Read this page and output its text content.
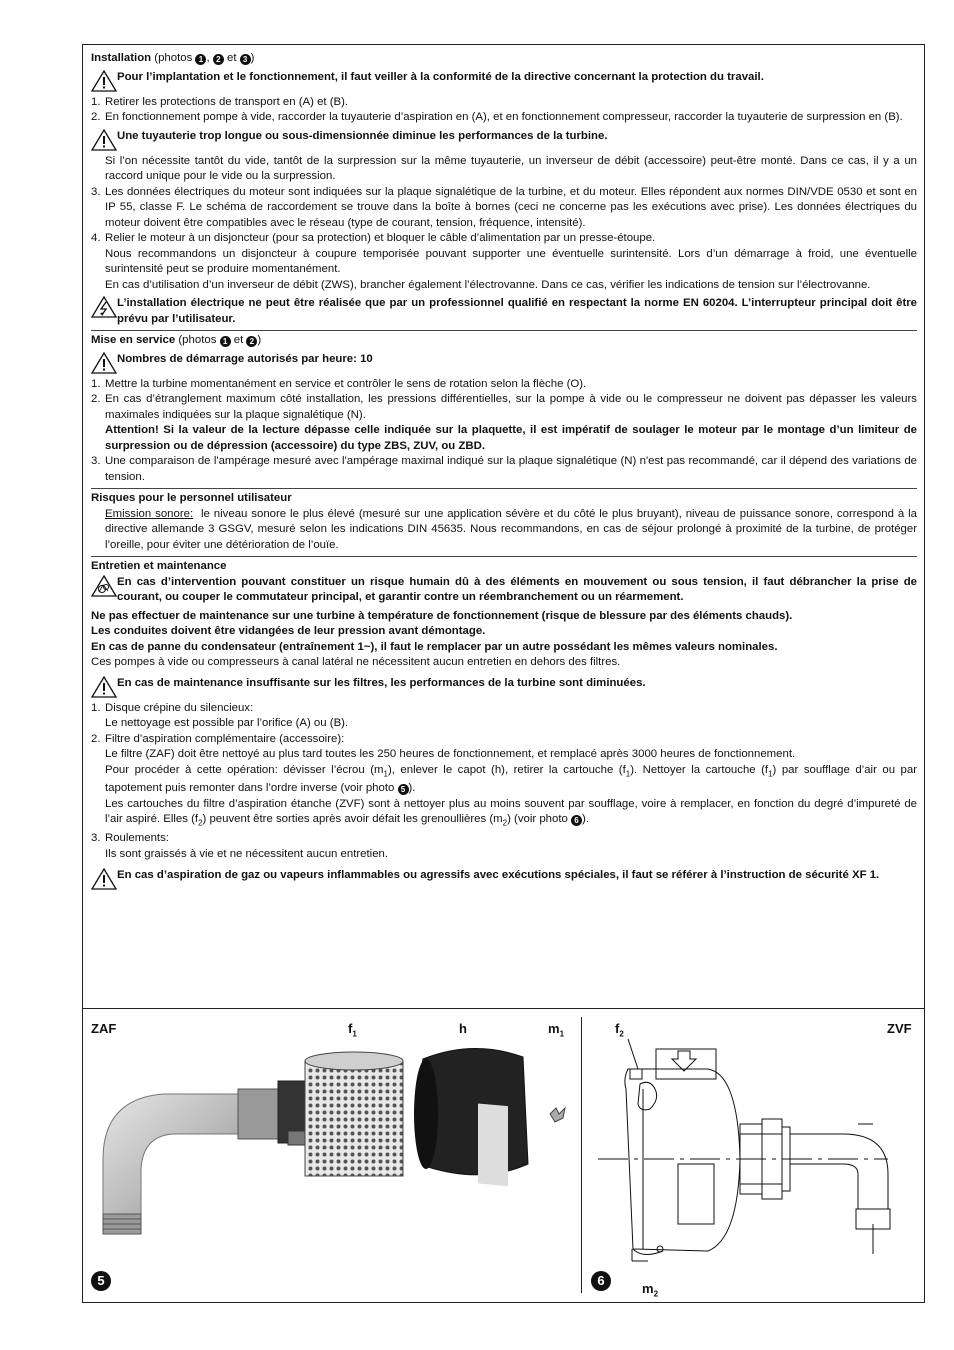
Installation (photos 1 , 2 et 3 )
Pour l’implantation et le fonctionnement, il faut veiller à la conformité de la directive concernant la protection du travail.
1. Retirer les protections de transport en (A) et (B).
2. En fonctionnement pompe à vide, raccorder la tuyauterie d’aspiration en (A), et en fonctionnement compresseur, raccorder la tuyauterie de surpression en (B).
Une tuyauterie trop longue ou sous-dimensionnée diminue les performances de la turbine.

Si l’on nécessite tantôt du vide, tantôt de la surpression sur la même tuyauterie, un inverseur de débit (accessoire) peut-être monté. Dans ce cas, il y a un raccord unique pour le vide ou la surpression.

3. Les données électriques du moteur sont indiquées sur la plaque signalétique de la turbine, et du moteur. Elles répondent aux normes DIN/VDE 0530 et sont en IP 55, classe F. Le schéma de raccordement se trouve dans la boîte à bornes (ceci ne concerne pas les exécutions avec prise). Les données électriques du moteur doivent être compatibles avec le réseau (type de courant, tension, fréquence, intensité).
4. Relier le moteur à un disjoncteur (pour sa protection) et bloquer le câble d’alimentation par un presse-étoupe.
Nous recommandons un disjoncteur à coupure temporisée pouvant supporter une éventuelle surintensité. Lors d’un démarrage à froid, une éventuelle surintensité peut se produire momentanément.
En cas d’utilisation d’un inverseur de débit (ZWS), brancher également l’électrovanne. Dans ce cas, vérifier les indications de tension sur l’électrovanne.
L’installation électrique ne peut être réalisée que par un professionnel qualifié en respectant la norme EN 60204. L’interrupteur principal doit être prévu par l’utilisateur.
Mise en service (photos 1 et 2 )
Nombres de démarrage autorisés par heure: 10
1. Mettre la turbine momentanément en service et contrôler le sens de rotation selon la flèche (O).
2. En cas d’étranglement maximum côté installation, les pressions différentielles, sur la pompe à vide ou le compresseur ne doivent pas dépasser les valeurs maximales indiquées sur la plaque signalétique (N).
Attention! Si la valeur de la lecture dépasse celle indiquée sur la plaquette, il est impératif de soulager le moteur par le montage d’un limiteur de surpression ou de dépression (accessoire) du type ZBS, ZUV, ou ZBD.
3. Une comparaison de l'ampérage mesuré avec l'ampérage maximal indiqué sur la plaque signalétique (N) n'est pas recommandé, car il dépend des variations de tension.
Risques pour le personnel utilisateur

Emission sonore: le niveau sonore le plus élevé (mesuré sur une application sévère et du côté le plus bruyant), niveau de puissance sonore, correspond à la directive allemande 3 GSGV, mesuré selon les indications DIN 45635. Nous recommandons, en cas de séjour prolongé à proximité de la turbine, de protéger l’oreille, pour éviter une détérioration de l’ouïe.

Entretien et maintenance
En cas d’intervention pouvant constituer un risque humain dû à des éléments en mouvement ou sous tension, il faut débrancher la prise de courant, ou couper le commutateur principal, et garantir contre un réembranchement ou un réarmement.

Ne pas effectuer de maintenance sur une turbine à température de fonctionnement (risque de blessure par des éléments chauds).

Les conduites doivent être vidangées de leur pression avant démontage.

En cas de panne du condensateur (entraînement 1~), il faut le remplacer par un autre possédant les mêmes valeurs nominales.

Ces pompes à vide ou compresseurs à canal latéral ne nécessitent aucun entretien en dehors des filtres.

En cas de maintenance insuffisante sur les filtres, les performances de la turbine sont diminuées.
1. Disque crépine du silencieux:
Le nettoyage est possible par l’orifice (A) ou (B).
2. Filtre d’aspiration complémentaire (accessoire):
Le filtre (ZAF) doit être nettoyé au plus tard toutes les 250 heures de fonctionnement, et remplacé après 3000 heures de fonctionnement.
Pour procéder à cette opération: dévisser l’écrou $(m_1)$, enlever le capot (h), retirer la cartouche $(f_1)$. Nettoyer la cartouche $(f_1)$ par soufflage d’air ou par tapotement puis remonter dans l’ordre inverse (voir photo 5 ).
Les cartouches du filtre d’aspiration étanche (ZVF) sont à nettoyer plus au moins souvent par soufflage, voire à remplacer, en fonction du degré d’impureté de l’air aspiré. Elles $(f_2)$ peuvent être sorties après avoir défait les grenoullières $(m_2)$ (voir photo 6 ).
3. Roulements:
Ils sont graissés à vie et ne nécessitent aucun entretien.
En cas d’aspiration de gaz ou vapeurs inflammables ou agressifs avec exécutions spéciales, il faut se référer à l’instruction de sécurité XF 1.
ZAF	$f_1$	h	$m_1$
5
$f_2$	ZVF
6
$m_2$
